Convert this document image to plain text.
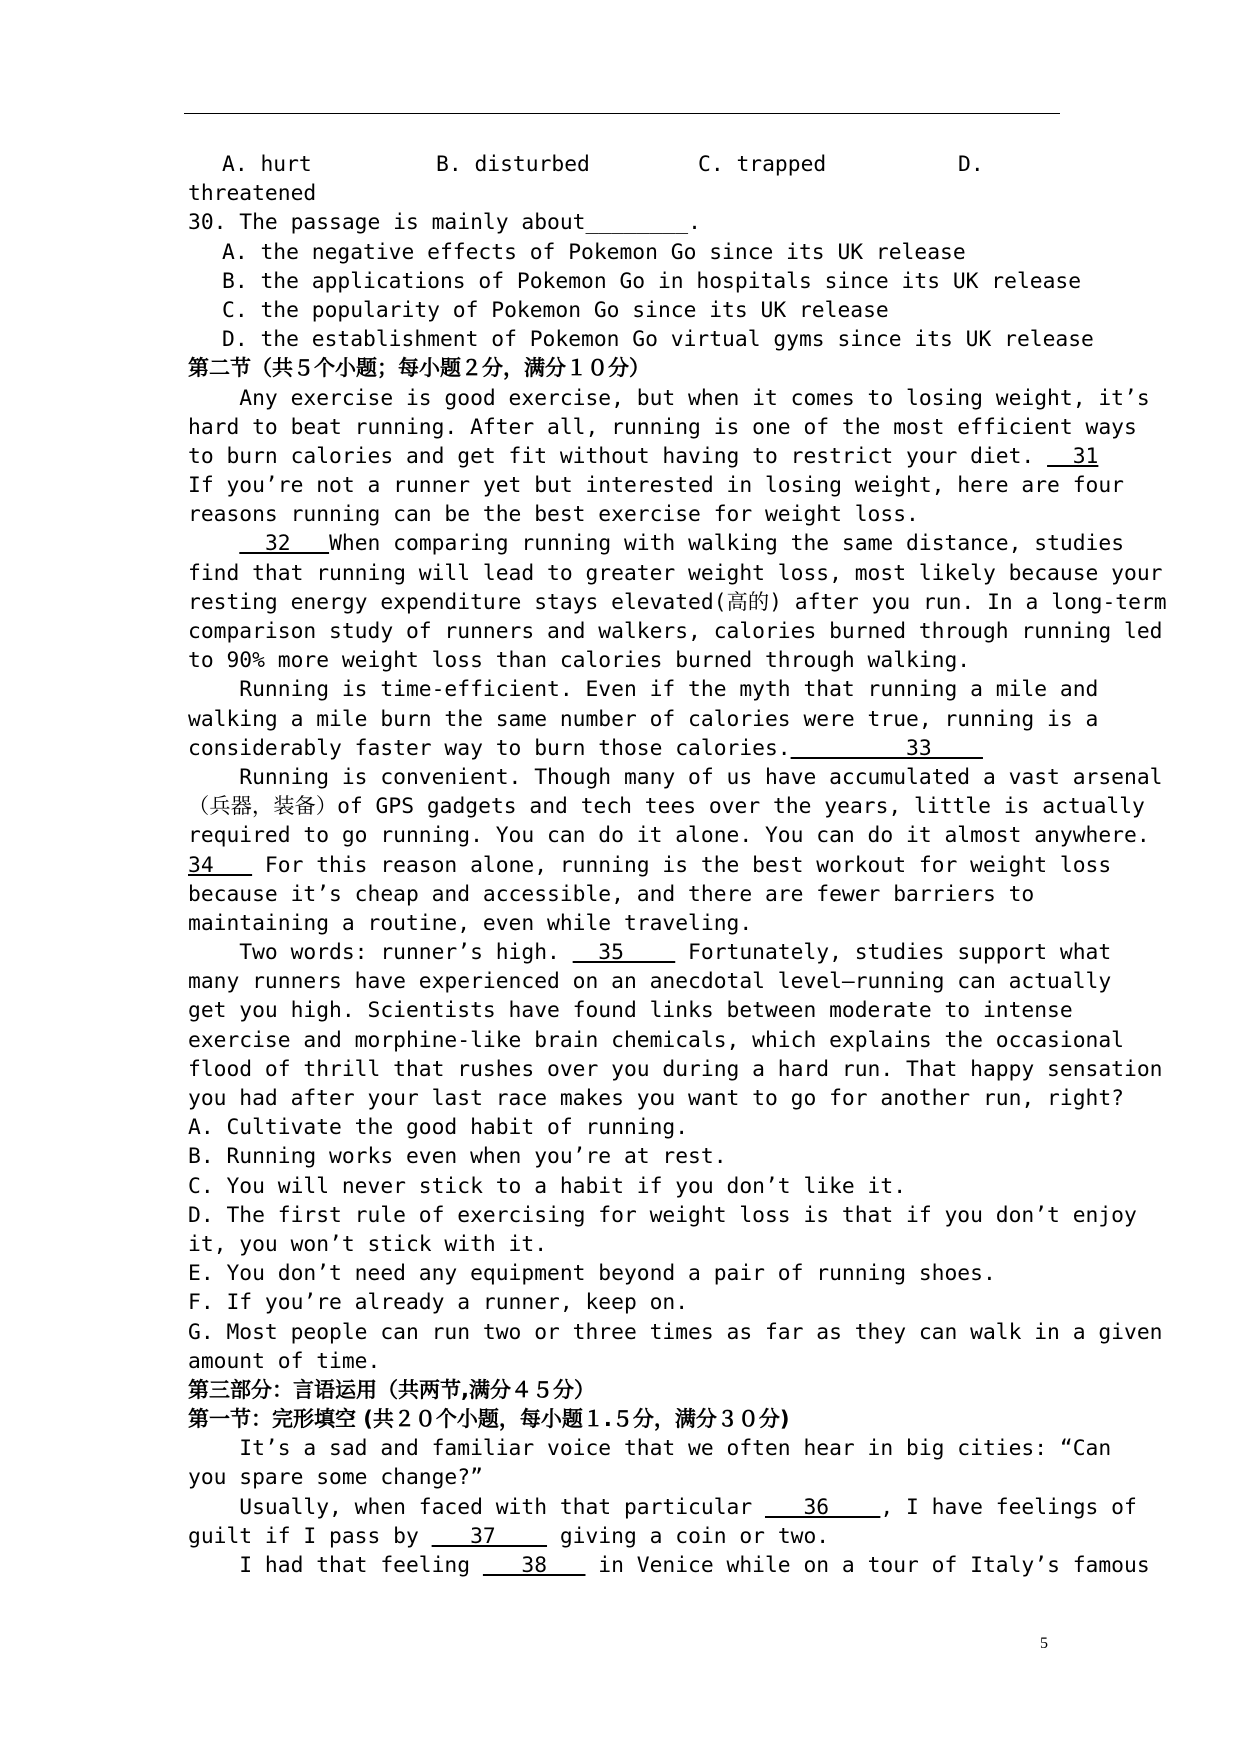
A. hurt	B. disturbed	C. trapped	D.
threatened
30. The passage is mainly about________.
A. the negative effects of Pokemon Go since its UK release
B. the applications of Pokemon Go in hospitals since its UK release
C. the popularity of Pokemon Go since its UK release
D. the establishment of Pokemon Go virtual gyms since its UK release
第二节（共５个小题；每小题２分，满分１０分）
Any exercise is good exercise, but when it comes to losing weight, it’s
hard to beat running. After all, running is one of the most efficient ways
to burn calories and get fit without having to restrict your diet.   31
If you’re not a runner yet but interested in losing weight, here are four
reasons running can be the best exercise for weight loss.
32   When comparing running with walking the same distance, studies
find that running will lead to greater weight loss, most likely because your
resting energy expenditure stays elevated(高的) after you run. In a long-term
comparison study of runners and walkers, calories burned through running led
to 90% more weight loss than calories burned through walking.
Running is time-efficient. Even if the myth that running a mile and
walking a mile burn the same number of calories were true, running is a
considerably faster way to burn those calories.         33
Running is convenient. Though many of us have accumulated a vast arsenal
（兵器，装备）of GPS gadgets and tech tees over the years, little is actually
required to go running. You can do it alone. You can do it almost anywhere.
34    For this reason alone, running is the best workout for weight loss
because it’s cheap and accessible, and there are fewer barriers to
maintaining a routine, even while traveling.
Two words: runner’s high.   35     Fortunately, studies support what
many runners have experienced on an anecdotal level—running can actually
get you high. Scientists have found links between moderate to intense
exercise and morphine-like brain chemicals, which explains the occasional
flood of thrill that rushes over you during a hard run. That happy sensation
you had after your last race makes you want to go for another run, right?
A. Cultivate the good habit of running.
B. Running works even when you’re at rest.
C. You will never stick to a habit if you don’t like it.
D. The first rule of exercising for weight loss is that if you don’t enjoy
it, you won’t stick with it.
E. You don’t need any equipment beyond a pair of running shoes.
F. If you’re already a runner, keep on.
G. Most people can run two or three times as far as they can walk in a given
amount of time.
第三部分：言语运用（共两节,满分４５分）
第一节：完形填空 (共２０个小题，每小题１.５分，满分３０分)
It’s a sad and familiar voice that we often hear in big cities: “Can
you spare some change?”
Usually, when faced with that particular    36    , I have feelings of
guilt if I pass by    37     giving a coin or two.
I had that feeling    38    in Venice while on a tour of Italy’s famous
5
